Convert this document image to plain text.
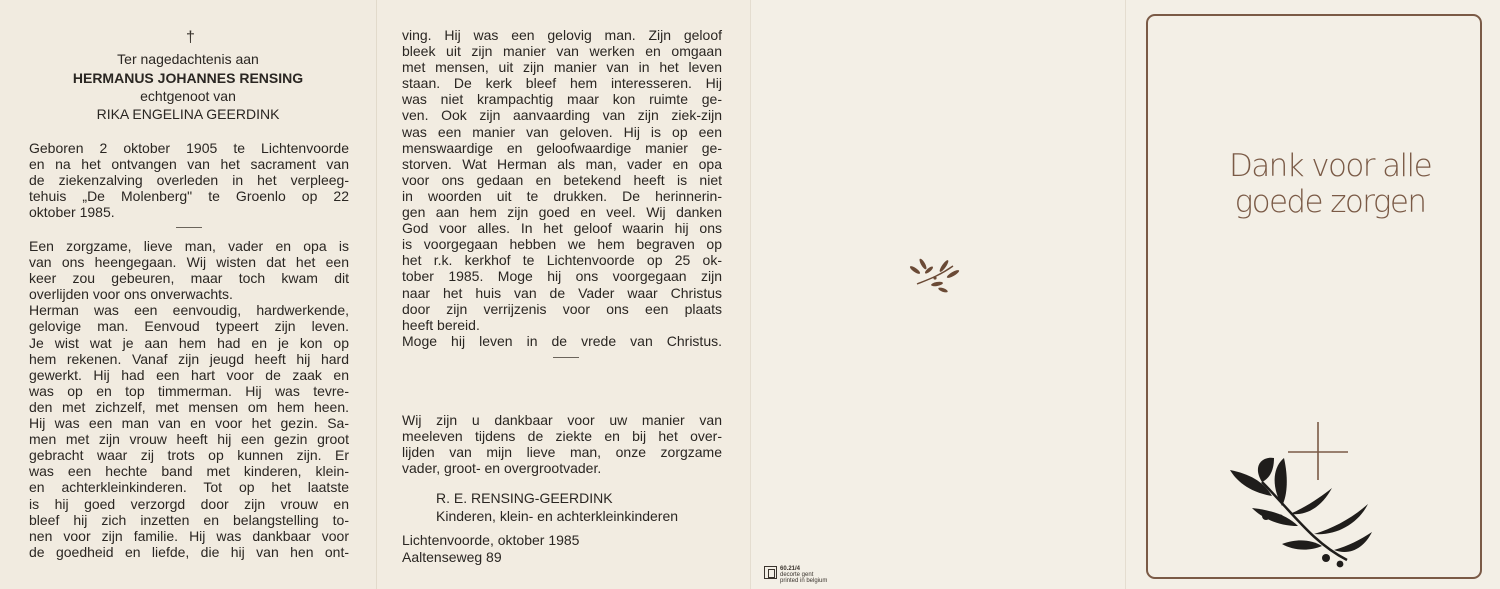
†
Ter nagedachtenis aan
HERMANUS JOHANNES RENSING
echtgenoot van
RIKA ENGELINA GEERDINK
Geboren 2 oktober 1905 te Lichtenvoorde
en na het ontvangen van het sacrament van
de ziekenzalving overleden in het verpleeg-
tehuis „De Molenberg" te Groenlo op 22
oktober 1985.
Een zorgzame, lieve man, vader en opa is
van ons heengegaan. Wij wisten dat het een
keer zou gebeuren, maar toch kwam dit
overlijden voor ons onverwachts.
Herman was een eenvoudig, hardwerkende,
gelovige man. Eenvoud typeert zijn leven.
Je wist wat je aan hem had en je kon op
hem rekenen. Vanaf zijn jeugd heeft hij hard
gewerkt. Hij had een hart voor de zaak en
was op en top timmerman. Hij was tevre-
den met zichzelf, met mensen om hem heen.
Hij was een man van en voor het gezin. Sa-
men met zijn vrouw heeft hij een gezin groot
gebracht waar zij trots op kunnen zijn. Er
was een hechte band met kinderen, klein-
en achterkleinkinderen. Tot op het laatste
is hij goed verzorgd door zijn vrouw en
bleef hij zich inzetten en belangstelling to-
nen voor zijn familie. Hij was dankbaar voor
de goedheid en liefde, die hij van hen ont-
ving. Hij was een gelovig man. Zijn geloof
bleek uit zijn manier van werken en omgaan
met mensen, uit zijn manier van in het leven
staan. De kerk bleef hem interesseren. Hij
was niet krampachtig maar kon ruimte ge-
ven. Ook zijn aanvaarding van zijn ziek-zijn
was een manier van geloven. Hij is op een
menswaardige en geloofwaardige manier ge-
storven. Wat Herman als man, vader en opa
voor ons gedaan en betekend heeft is niet
in woorden uit te drukken. De herinnerin-
gen aan hem zijn goed en veel. Wij danken
God voor alles. In het geloof waarin hij ons
is voorgegaan hebben we hem begraven op
het r.k. kerkhof te Lichtenvoorde op 25 ok-
tober 1985. Moge hij ons voorgegaan zijn
naar het huis van de Vader waar Christus
door zijn verrijzenis voor ons een plaats
heeft bereid.
Moge hij leven in de vrede van Christus.
Wij zijn u dankbaar voor uw manier van
meeleven tijdens de ziekte en bij het over-
lijden van mijn lieve man, onze zorgzame
vader, groot- en overgrootvader.
R. E. RENSING-GEERDINK
Kinderen, klein- en achterkleinkinderen
Lichtenvoorde, oktober 1985
Aaltenseweg 89
60.21/4
decorte gent
printed in belgium
Dank voor alle
goede zorgen
